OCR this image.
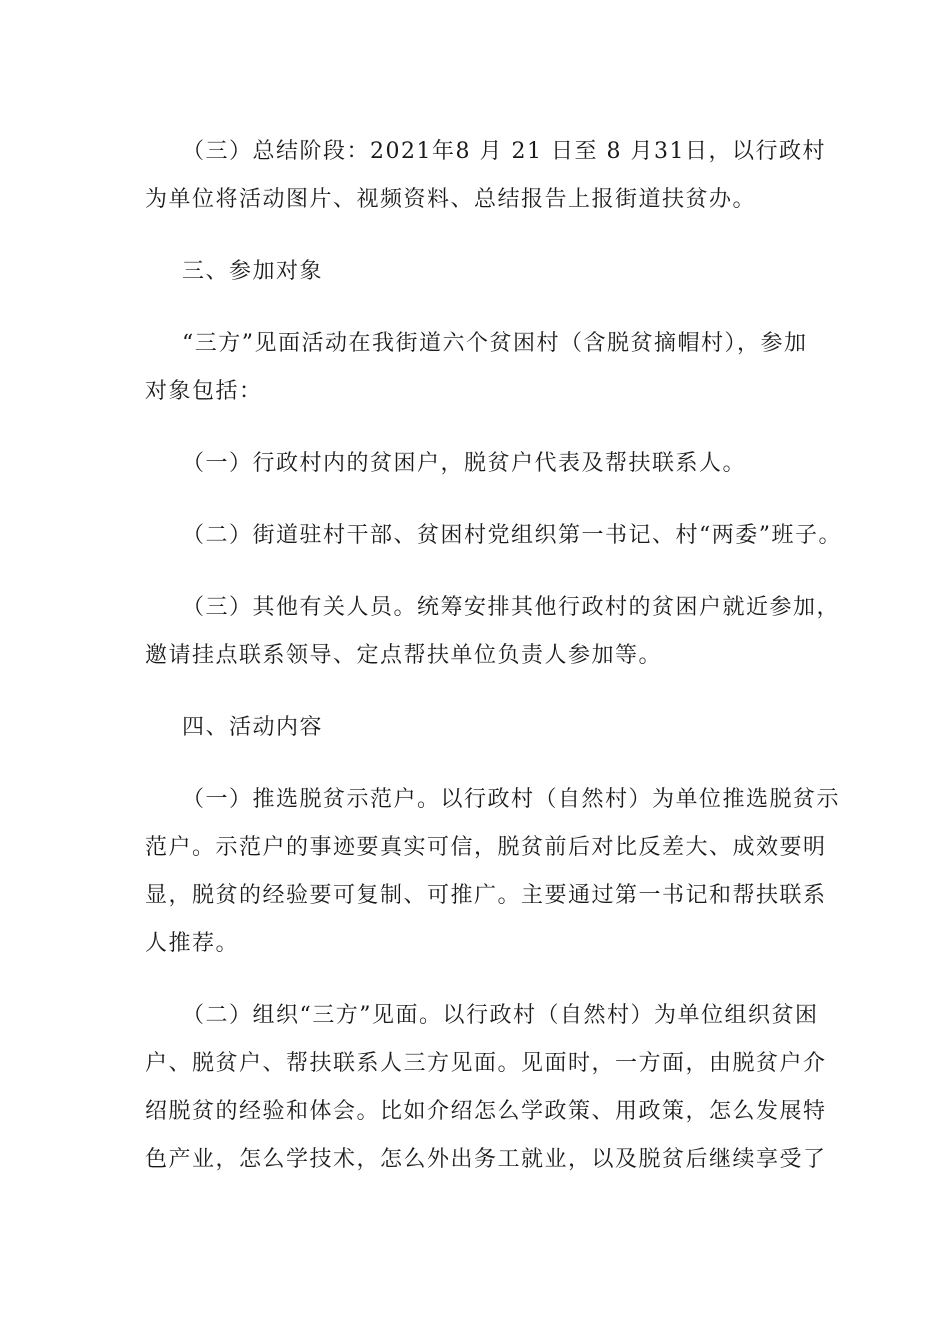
（三）总结阶段：2021年8 月 21 日至 8 月31日，以行政村
为单位将活动图片、视频资料、总结报告上报街道扶贫办。
三、参加对象
“三方”见面活动在我街道六个贫困村（含脱贫摘帽村），参加
对象包括：
（一）行政村内的贫困户，脱贫户代表及帮扶联系人。
（二）街道驻村干部、贫困村党组织第一书记、村“两委”班子。
（三）其他有关人员。统筹安排其他行政村的贫困户就近参加，
邀请挂点联系领导、定点帮扶单位负责人参加等。
四、活动内容
（一）推选脱贫示范户。以行政村（自然村）为单位推选脱贫示
范户。示范户的事迹要真实可信，脱贫前后对比反差大、成效要明
显，脱贫的经验要可复制、可推广。主要通过第一书记和帮扶联系
人推荐。
（二）组织“三方”见面。以行政村（自然村）为单位组织贫困
户、脱贫户、帮扶联系人三方见面。见面时，一方面，由脱贫户介
绍脱贫的经验和体会。比如介绍怎么学政策、用政策，怎么发展特
色产业，怎么学技术，怎么外出务工就业，以及脱贫后继续享受了
